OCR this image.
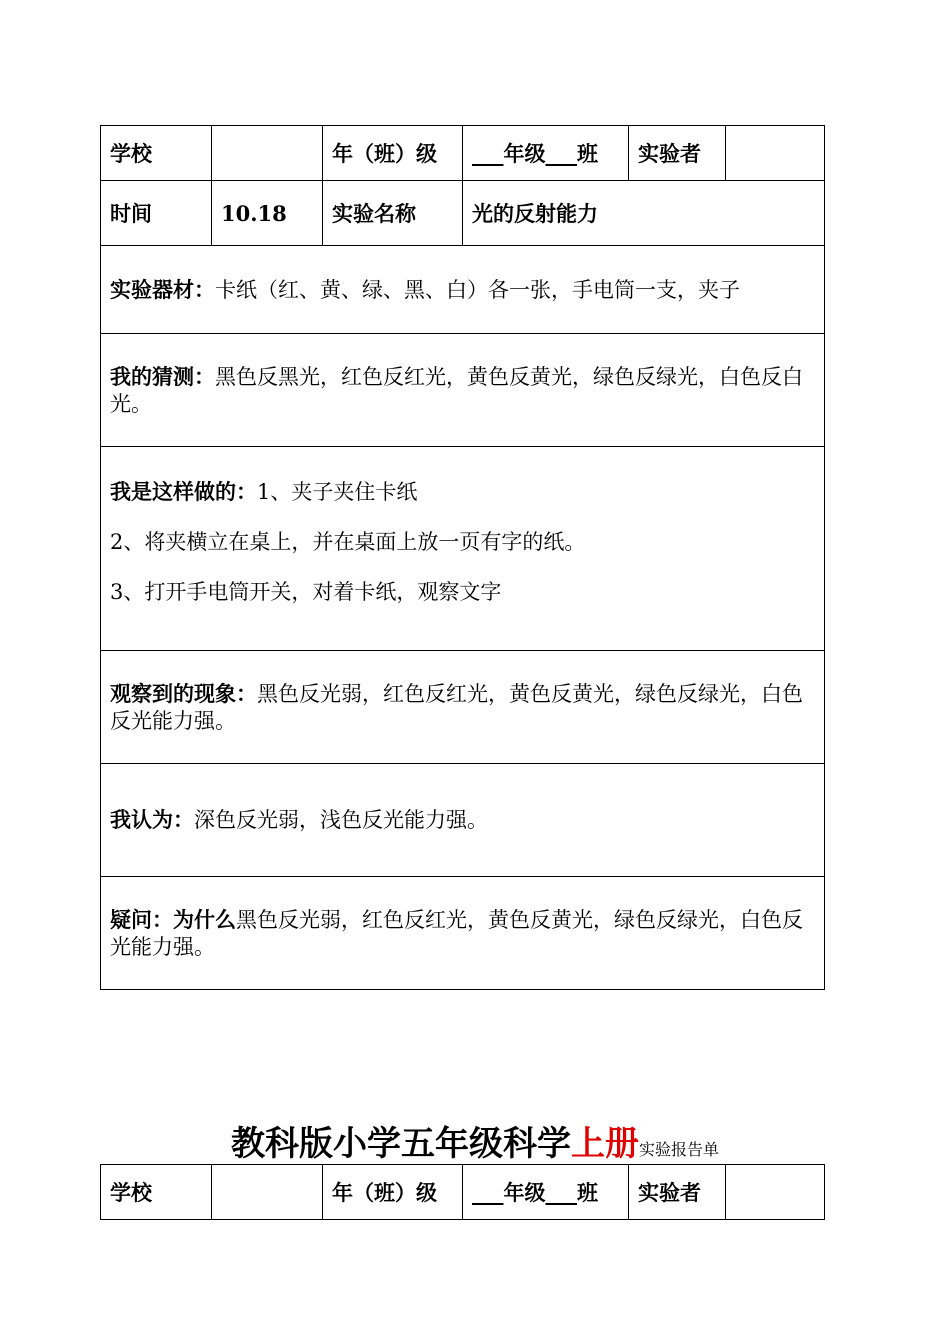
学校		年（班）级	___年级___班	实验者	
时间	10.18	实验名称	光的反射能力		
实验器材：卡纸（红、黄、绿、黑、白）各一张，手电筒一支，夹子					
我的猜测：黑色反黑光，红色反红光，黄色反黄光，绿色反绿光，白色反白光。					

我是这样做的：1、夹子夹住卡纸
2、将夹横立在桌上，并在桌面上放一页有字的纸。
3、打开手电筒开关，对着卡纸，观察文字					

观察到的现象：黑色反光弱，红色反红光，黄色反黄光，绿色反绿光，白色反光能力强。					
我认为：深色反光弱，浅色反光能力强。					
疑问：为什么黑色反光弱，红色反红光，黄色反黄光，绿色反绿光，白色反光能力强。					
教科版小学五年级科学上册实验报告单
学校		年（班）级	___年级___班	实验者	
